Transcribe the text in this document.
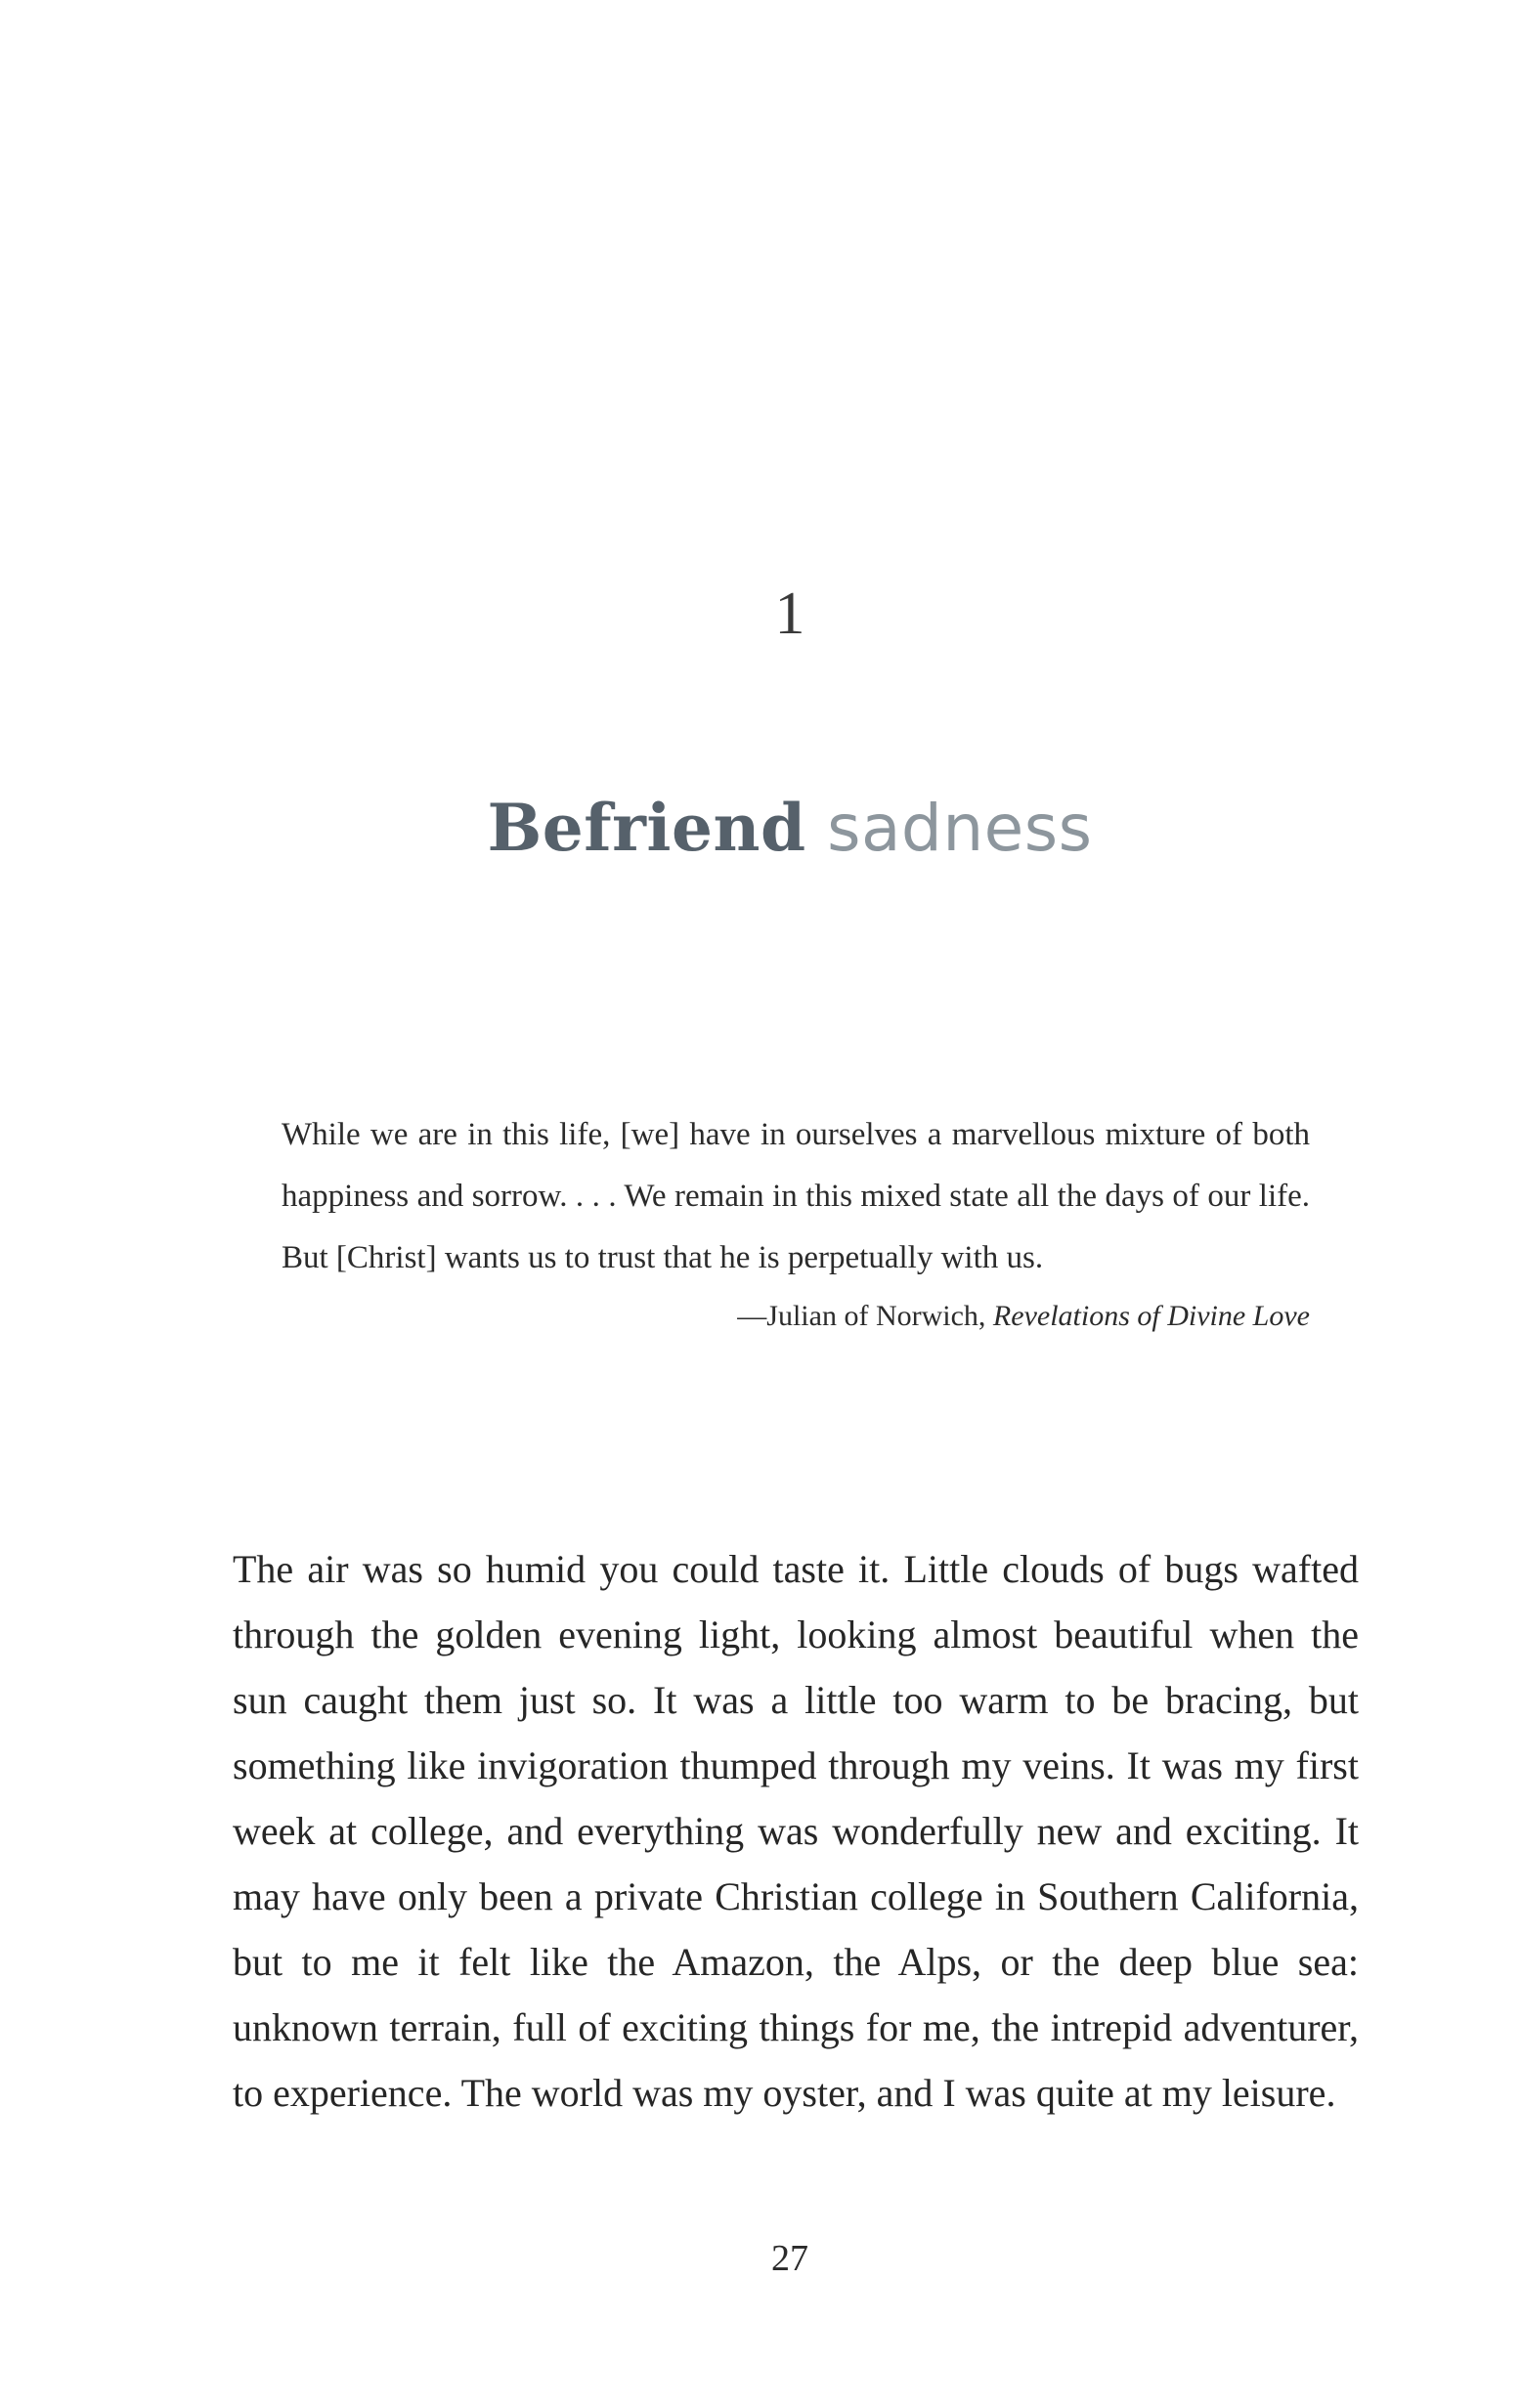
1
Befriend sadness

While we are in this life, [we] have in ourselves a marvellous mixture of both happiness and sorrow. . . . We remain in this mixed state all the days of our life. But [Christ] wants us to trust that he is perpetually with us.

—Julian of Norwich, Revelations of Divine Love

The air was so humid you could taste it. Little clouds of bugs wafted through the golden evening light, looking almost beautiful when the sun caught them just so. It was a little too warm to be bracing, but something like invigoration thumped through my veins. It was my first week at college, and everything was wonderfully new and exciting. It may have only been a private Christian college in Southern California, but to me it felt like the Amazon, the Alps, or the deep blue sea: unknown terrain, full of exciting things for me, the intrepid adventurer, to experience. The world was my oyster, and I was quite at my leisure.

27
